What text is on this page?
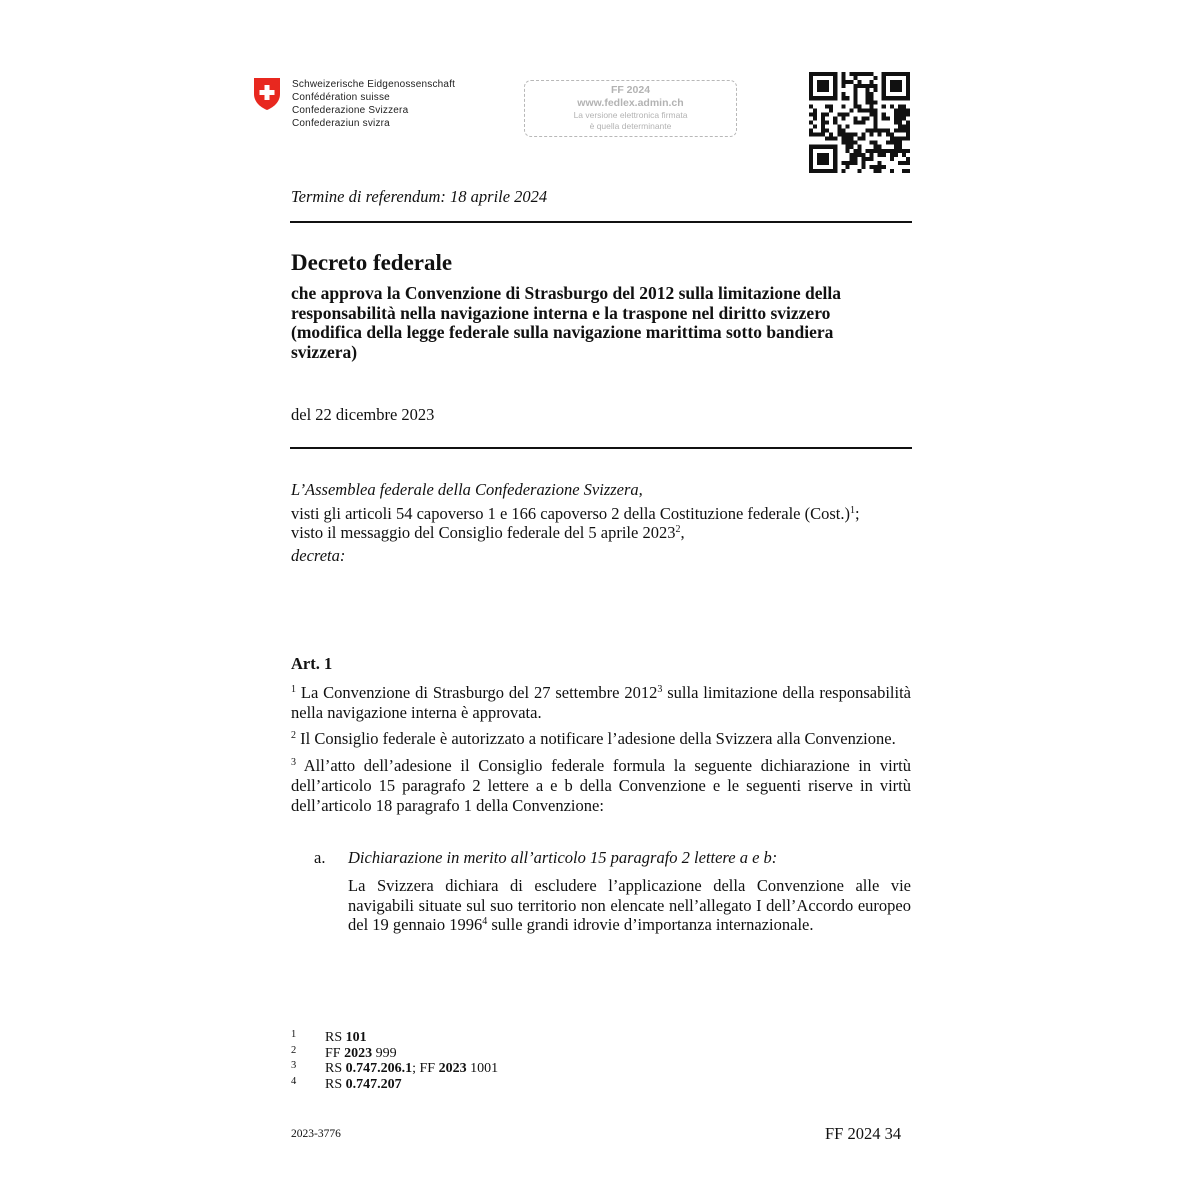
Schweizerische Eidgenossenschaft
Confédération suisse
Confederazione Svizzera
Confederaziun svizra
FF 2024
www.fedlex.admin.ch
La versione elettronica firmata
è quella determinante
Termine di referendum: 18 aprile 2024
Decreto federale
che approva la Convenzione di Strasburgo del 2012 sulla limitazione della responsabilità nella navigazione interna e la traspone nel diritto svizzero (modifica della legge federale sulla navigazione marittima sotto bandiera svizzera)
del 22 dicembre 2023
L’Assemblea federale della Confederazione Svizzera,
visti gli articoli 54 capoverso 1 e 166 capoverso 2 della Costituzione federale (Cost.)$^1$;
visto il messaggio del Consiglio federale del 5 aprile 2023$^2$,
decreta:
Art. 1
$^1$ La Convenzione di Strasburgo del 27 settembre 2012$^3$ sulla limitazione della responsabilità nella navigazione interna è approvata.
$^2$ Il Consiglio federale è autorizzato a notificare l’adesione della Svizzera alla Convenzione.
$^3$ All’atto dell’adesione il Consiglio federale formula la seguente dichiarazione in virtù dell’articolo 15 paragrafo 2 lettere a e b della Convenzione e le seguenti riserve in virtù dell’articolo 18 paragrafo 1 della Convenzione:
a. Dichiarazione in merito all’articolo 15 paragrafo 2 lettere a e b:
La Svizzera dichiara di escludere l’applicazione della Convenzione alle vie navigabili situate sul suo territorio non elencate nell’allegato I dell’Accordo europeo del 19 gennaio 1996$^4$ sulle grandi idrovie d’importanza internazionale.
1 RS 101
2 FF 2023 999
3 RS 0.747.206.1; FF 2023 1001
4 RS 0.747.207
2023-3776	FF 2024 34
